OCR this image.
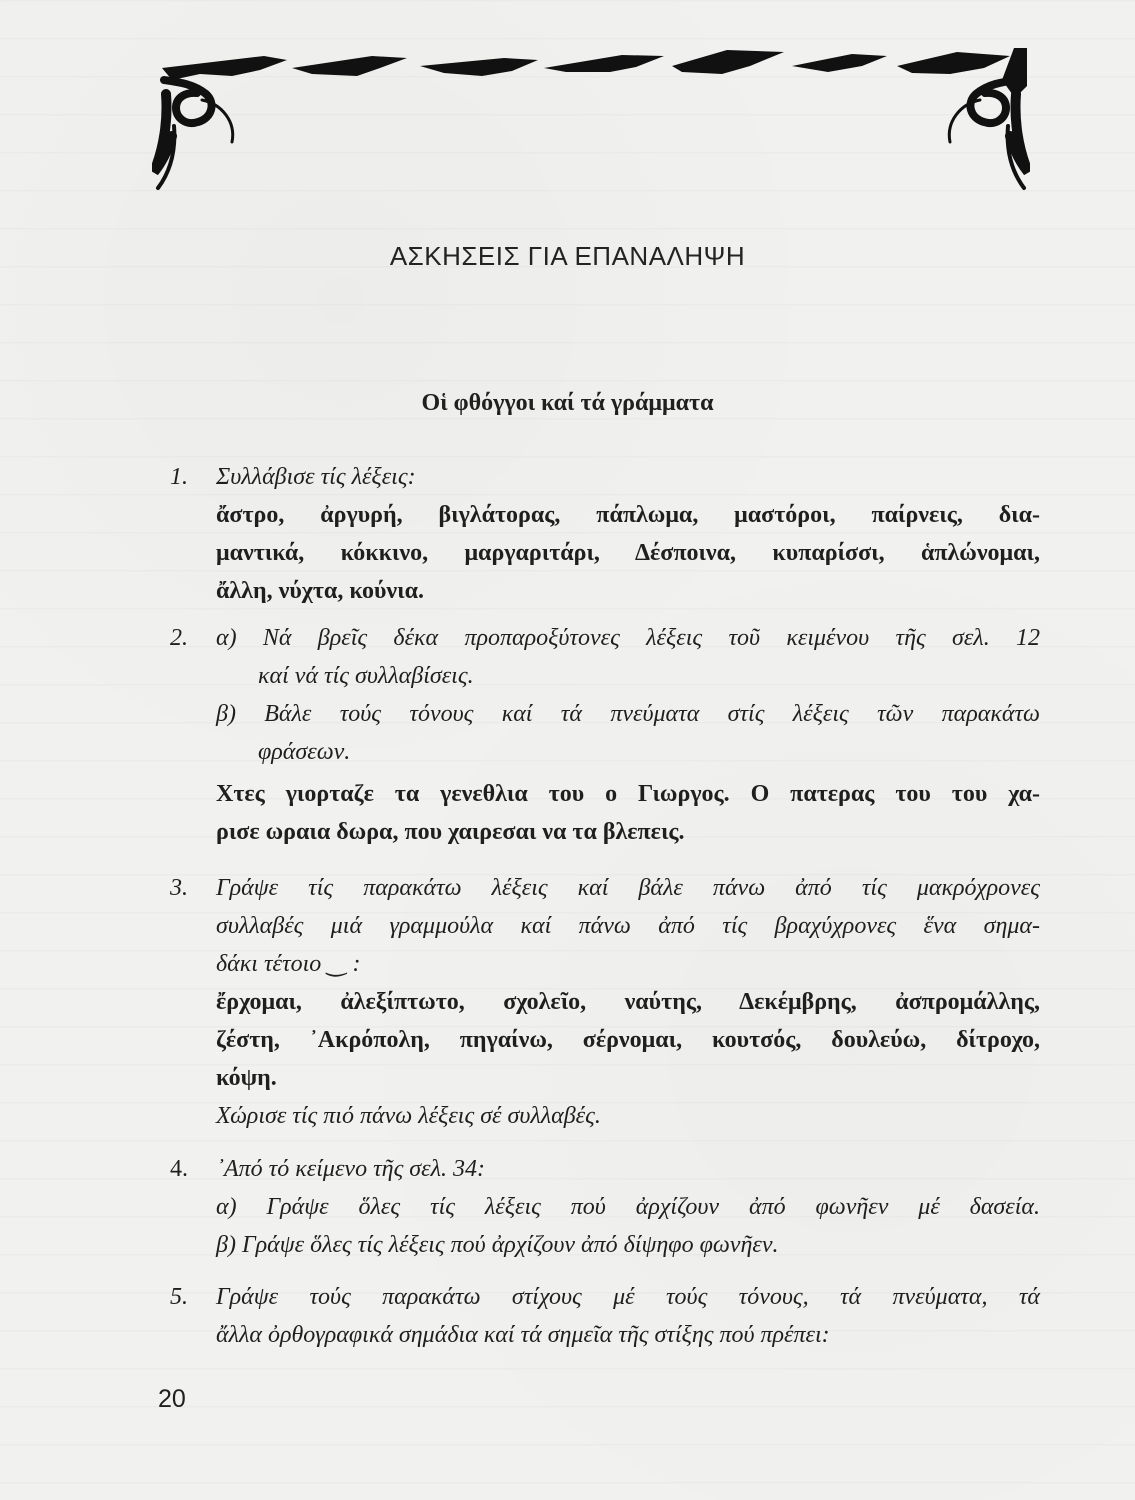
ΑΣΚΗΣΕΙΣ ΓΙΑ ΕΠΑΝΑΛΗΨΗ
Οἱ φθόγγοι καί τά γράμματα
1. Συλλάβισε τίς λέξεις:

ἄστρο, ἀργυρή, βιγλάτορας, πάπλωμα, μαστόροι, παίρνεις, δια-

μαντικά, κόκκινο, μαργαριτάρι, Δέσποινα, κυπαρίσσι, ἁπλώνομαι,

ἄλλη, νύχτα, κούνια.

2. α) Νά βρεῖς δέκα προπαροξύτονες λέξεις τοῦ κειμένου τῆς σελ. 12

καί νά τίς συλλαβίσεις.

β) Βάλε τούς τόνους καί τά πνεύματα στίς λέξεις τῶν παρακάτω

φράσεων.

Χτες γιορταζε τα γενεθλια του ο Γιωργος. Ο πατερας του του χα-

ρισε ωραια δωρα, που χαιρεσαι να τα βλεπεις.

3. Γράψε τίς παρακάτω λέξεις καί βάλε πάνω ἀπό τίς μακρόχρονες

συλλαβές μιά γραμμούλα καί πάνω ἀπό τίς βραχύχρονες ἕνα σημα-

δάκι τέτοιο ‿ :

ἔρχομαι, ἀλεξίπτωτο, σχολεῖο, ναύτης, Δεκέμβρης, ἀσπρομάλλης,

ζέστη, ᾽Ακρόπολη, πηγαίνω, σέρνομαι, κουτσός, δουλεύω, δίτροχο,

κόψη.

Χώρισε τίς πιό πάνω λέξεις σέ συλλαβές.

4. ᾽Από τό κείμενο τῆς σελ. 34:

α) Γράψε ὅλες τίς λέξεις πού ἀρχίζουν ἀπό φωνῆεν μέ δασεία.

β) Γράψε ὅλες τίς λέξεις πού ἀρχίζουν ἀπό δίψηφο φωνῆεν.

5. Γράψε τούς παρακάτω στίχους μέ τούς τόνους, τά πνεύματα, τά

ἄλλα ὀρθογραφικά σημάδια καί τά σημεῖα τῆς στίξης πού πρέπει:

20
